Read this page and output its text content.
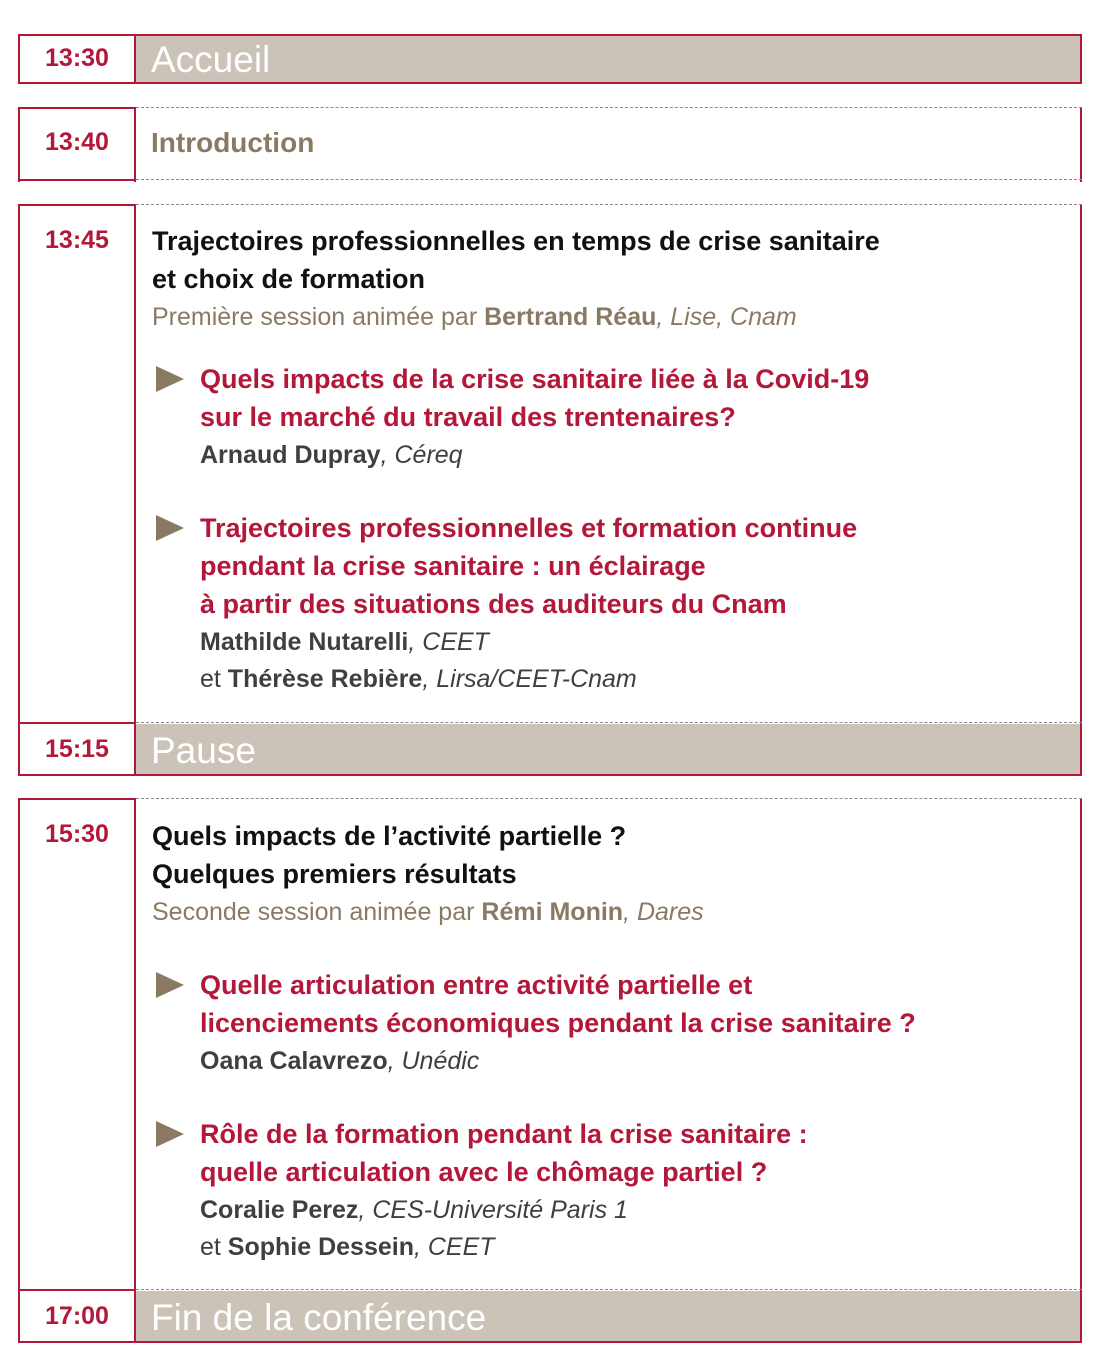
13:30	Accueil
13:40	Introduction
13:45	Trajectoires professionnelles en temps de crise sanitaire
et choix de formation
Première session animée par Bertrand Réau, Lise, Cnam

Quels impacts de la crise sanitaire liée à la Covid-19
sur le marché du travail des trentenaires?

Arnaud Dupray, Céreq

Trajectoires professionnelles et formation continue
pendant la crise sanitaire : un éclairage
à partir des situations des auditeurs du Cnam

Mathilde Nutarelli, CEET
et Thérèse Rebière, Lirsa/CEET-Cnam
15:15	Pause
15:30	Quels impacts de l’activité partielle ?
Quelques premiers résultats
Seconde session animée par Rémi Monin, Dares

Quelle articulation entre activité partielle et
licenciements économiques pendant la crise sanitaire ?

Oana Calavrezo, Unédic

Rôle de la formation pendant la crise sanitaire :
quelle articulation avec le chômage partiel ?

Coralie Perez, CES-Université Paris 1
et Sophie Dessein, CEET
17:00	Fin de la conférence
